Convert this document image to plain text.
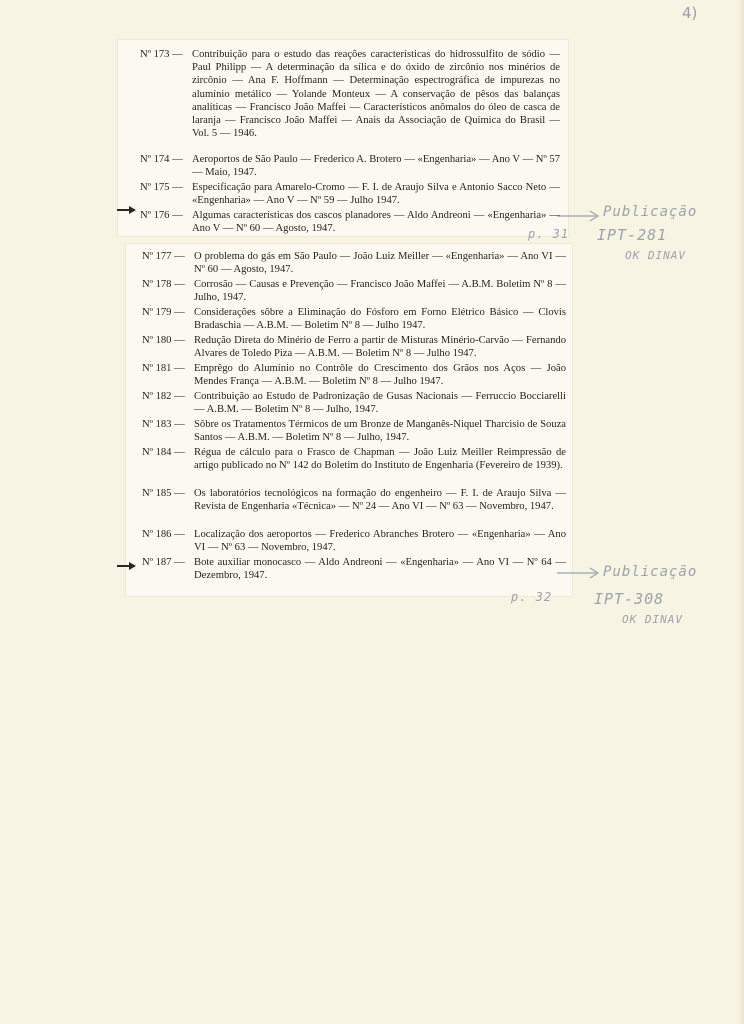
4)
Nº 173 — Contribuição para o estudo das reações características do hidrossulfito de sódio — Paul Philipp — A determinação da sílica e do óxido de zircônio nos minérios de zircônio — Ana F. Hoffmann — Determinação espectrográfica de impurezas no alumínio metálico — Yolande Monteux — A conservação de pêsos das balanças analíticas — Francisco João Maffei — Característicos anômalos do óleo de casca de laranja — Francisco João Maffei — Anais da Associação de Química do Brasil — Vol. 5 — 1946.
Nº 174 — Aeroportos de São Paulo — Frederico A. Brotero — «Engenharia» — Ano V — Nº 57 — Maio, 1947.
Nº 175 — Especificação para Amarelo-Cromo — F. I. de Araujo Silva e Antonio Sacco Neto — «Engenharia» — Ano V — Nº 59 — Julho 1947.
Nº 176 — Algumas características dos cascos planadores — Aldo Andreoni — «Engenharia» — Ano V — Nº 60 — Agosto, 1947.
Nº 177 — O problema do gás em São Paulo — João Luiz Meiller — «Engenharia» — Ano VI — Nº 60 — Agosto, 1947.
Nº 178 — Corrosão — Causas e Prevenção — Francisco João Maffei — A.B.M. Boletim Nº 8 — Julho, 1947.
Nº 179 — Considerações sôbre a Eliminação do Fósforo em Forno Elétrico Básico — Clovis Bradaschia — A.B.M. — Boletim Nº 8 — Julho 1947.
Nº 180 — Redução Direta do Minério de Ferro a partir de Misturas Minério-Carvão — Fernando Alvares de Toledo Piza — A.B.M. — Boletim Nº 8 — Julho 1947.
Nº 181 — Emprêgo do Alumínio no Contrôle do Crescimento dos Grãos nos Aços — João Mendes França — A.B.M. — Boletim Nº 8 — Julho 1947.
Nº 182 — Contribuição ao Estudo de Padronização de Gusas Nacionais — Ferruccio Bocciarelli — A.B.M. — Boletim Nº 8 — Julho, 1947.
Nº 183 — Sôbre os Tratamentos Térmicos de um Bronze de Manganês-Niquel Tharcisio de Souza Santos — A.B.M. — Boletim Nº 8 — Julho, 1947.
Nº 184 — Régua de cálculo para o Frasco de Chapman — João Luiz Meiller Reimpressão de artigo publicado no Nº 142 do Boletim do Instituto de Engenharia (Fevereiro de 1939).
Nº 185 — Os laboratórios tecnológicos na formação do engenheiro — F. I. de Araujo Silva — Revista de Engenharia «Técnica» — Nº 24 — Ano VI — Nº 63 — Novembro, 1947.
Nº 186 — Localização dos aeroportos — Frederico Abranches Brotero — «Engenharia» — Ano VI — Nº 63 — Novembro, 1947.
Nº 187 — Bote auxiliar monocasco — Aldo Andreoni — «Engenharia» — Ano VI — Nº 64 — Dezembro, 1947.
Publicação
p. 31 IPT-281
OK DINAV
Publicação
p. 32	IPT-308
OK DINAV
